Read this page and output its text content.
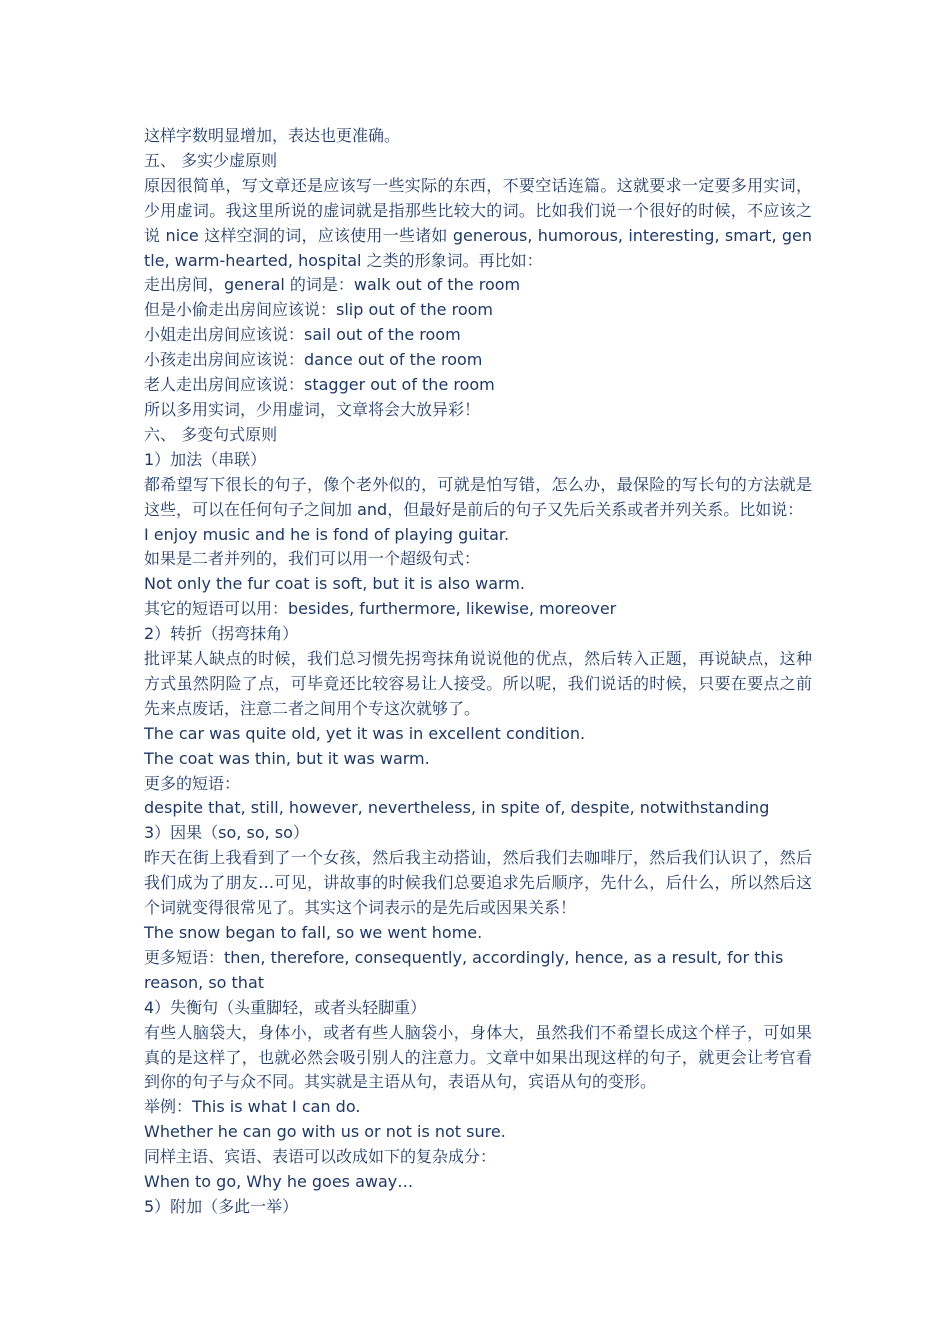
这样字数明显增加，表达也更准确。

五、 多实少虚原则

原因很简单，写文章还是应该写一些实际的东西，不要空话连篇。这就要求一定要多用实词，少用虚词。我这里所说的虚词就是指那些比较大的词。比如我们说一个很好的时候，不应该之说 nice 这样空洞的词，应该使用一些诸如 generous, humorous, interesting, smart, gentle, warm-hearted, hospital 之类的形象词。再比如：

走出房间，general 的词是：walk out of the room

但是小偷走出房间应该说：slip out of the room

小姐走出房间应该说：sail out of the room

小孩走出房间应该说：dance out of the room

老人走出房间应该说：stagger out of the room

所以多用实词，少用虚词，文章将会大放异彩！

六、 多变句式原则

1）加法（串联）

都希望写下很长的句子，像个老外似的，可就是怕写错，怎么办，最保险的写长句的方法就是这些，可以在任何句子之间加 and，但最好是前后的句子又先后关系或者并列关系。比如说：

I enjoy music and he is fond of playing guitar.

如果是二者并列的，我们可以用一个超级句式：

Not only the fur coat is soft, but it is also warm.

其它的短语可以用：besides, furthermore, likewise, moreover

2）转折（拐弯抹角）

批评某人缺点的时候，我们总习惯先拐弯抹角说说他的优点，然后转入正题，再说缺点，这种方式虽然阴险了点，可毕竟还比较容易让人接受。所以呢，我们说话的时候，只要在要点之前先来点废话，注意二者之间用个专这次就够了。

The car was quite old, yet it was in excellent condition.

The coat was thin, but it was warm.

更多的短语：

despite that, still, however, nevertheless, in spite of, despite, notwithstanding

3）因果（so, so, so）

昨天在街上我看到了一个女孩，然后我主动搭讪，然后我们去咖啡厅，然后我们认识了，然后我们成为了朋友…可见，讲故事的时候我们总要追求先后顺序，先什么，后什么，所以然后这个词就变得很常见了。其实这个词表示的是先后或因果关系！

The snow began to fall, so we went home.

更多短语：then, therefore, consequently, accordingly, hence, as a result, for this reason, so that

4）失衡句（头重脚轻，或者头轻脚重）

有些人脑袋大，身体小，或者有些人脑袋小，身体大，虽然我们不希望长成这个样子，可如果真的是这样了，也就必然会吸引别人的注意力。文章中如果出现这样的句子，就更会让考官看到你的句子与众不同。其实就是主语从句，表语从句，宾语从句的变形。

举例：This is what I can do.

Whether he can go with us or not is not sure.

同样主语、宾语、表语可以改成如下的复杂成分：

When to go, Why he goes away…

5）附加（多此一举）
